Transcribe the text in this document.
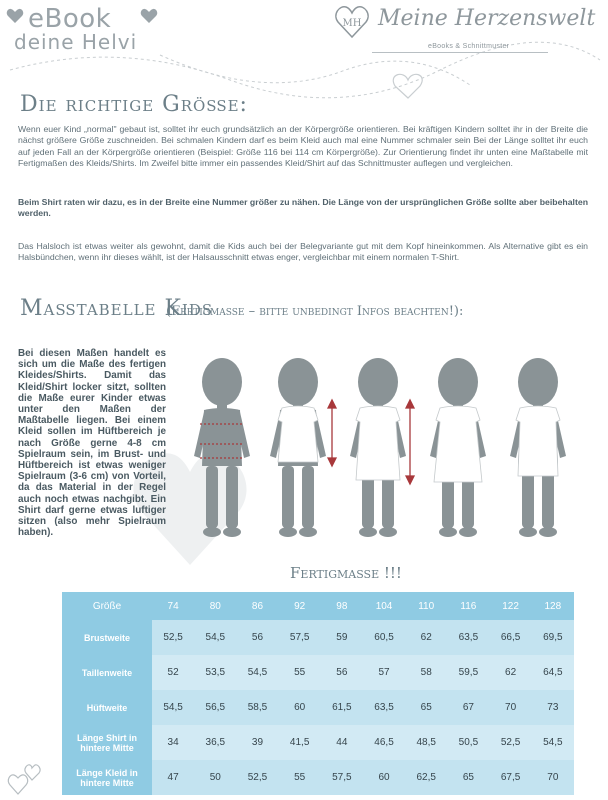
eBook
deine Helvi
MH Meine Herzenswelt
eBooks & Schnittmuster
Die richtige Größe:
Wenn euer Kind „normal" gebaut ist, solltet ihr euch grundsätzlich an der Körpergröße orientieren. Bei kräftigen Kindern solltet ihr in der Breite die nächst größere Größe zuschneiden. Bei schmalen Kindern darf es beim Kleid auch mal eine Nummer schmaler sein Bei der Länge solltet ihr euch auf jeden Fall an der Körpergröße orientieren (Beispiel: Größe 116 bei 114 cm Körpergröße). Zur Orientierung findet ihr unten eine Maßtabelle mit Fertigmaßen des Kleids/Shirts. Im Zweifel bitte immer ein passendes Kleid/Shirt auf das Schnittmuster auflegen und vergleichen.
Beim Shirt raten wir dazu, es in der Breite eine Nummer größer zu nähen. Die Länge von der ursprünglichen Größe sollte aber beibehalten werden.
Das Halsloch ist etwas weiter als gewohnt, damit die Kids auch bei der Belegvariante gut mit dem Kopf hineinkommen. Als Alternative gibt es ein Halsbündchen, wenn ihr dieses wählt, ist der Halsausschnitt etwas enger, vergleichbar mit einem normalen T-Shirt.
Maßtabelle Kids
(Fertigmaße – bitte unbedingt Infos beachten!):
Bei diesen Maßen handelt es sich um die Maße des fertigen Kleides/Shirts. Damit das Kleid/Shirt locker sitzt, sollten die Maße eurer Kinder etwas unter den Maßen der Maßtabelle liegen. Bei einem Kleid sollen im Hüftbereich je nach Größe gerne 4-8 cm Spielraum sein, im Brust- und Hüftbereich ist etwas weniger Spielraum (3-6 cm) von Vorteil, da das Material in der Regel auch noch etwas nachgibt. Ein Shirt darf gerne etwas luftiger sitzen (also mehr Spielraum haben).
Fertigmaße !!!
Größe	74	80	86	92	98	104	110	116	122	128
Brustweite	52,5	54,5	56	57,5	59	60,5	62	63,5	66,5	69,5
Taillenweite	52	53,5	54,5	55	56	57	58	59,5	62	64,5
Hüftweite	54,5	56,5	58,5	60	61,5	63,5	65	67	70	73
Länge Shirt in hintere Mitte	34	36,5	39	41,5	44	46,5	48,5	50,5	52,5	54,5
Länge Kleid in hintere Mitte	47	50	52,5	55	57,5	60	62,5	65	67,5	70
